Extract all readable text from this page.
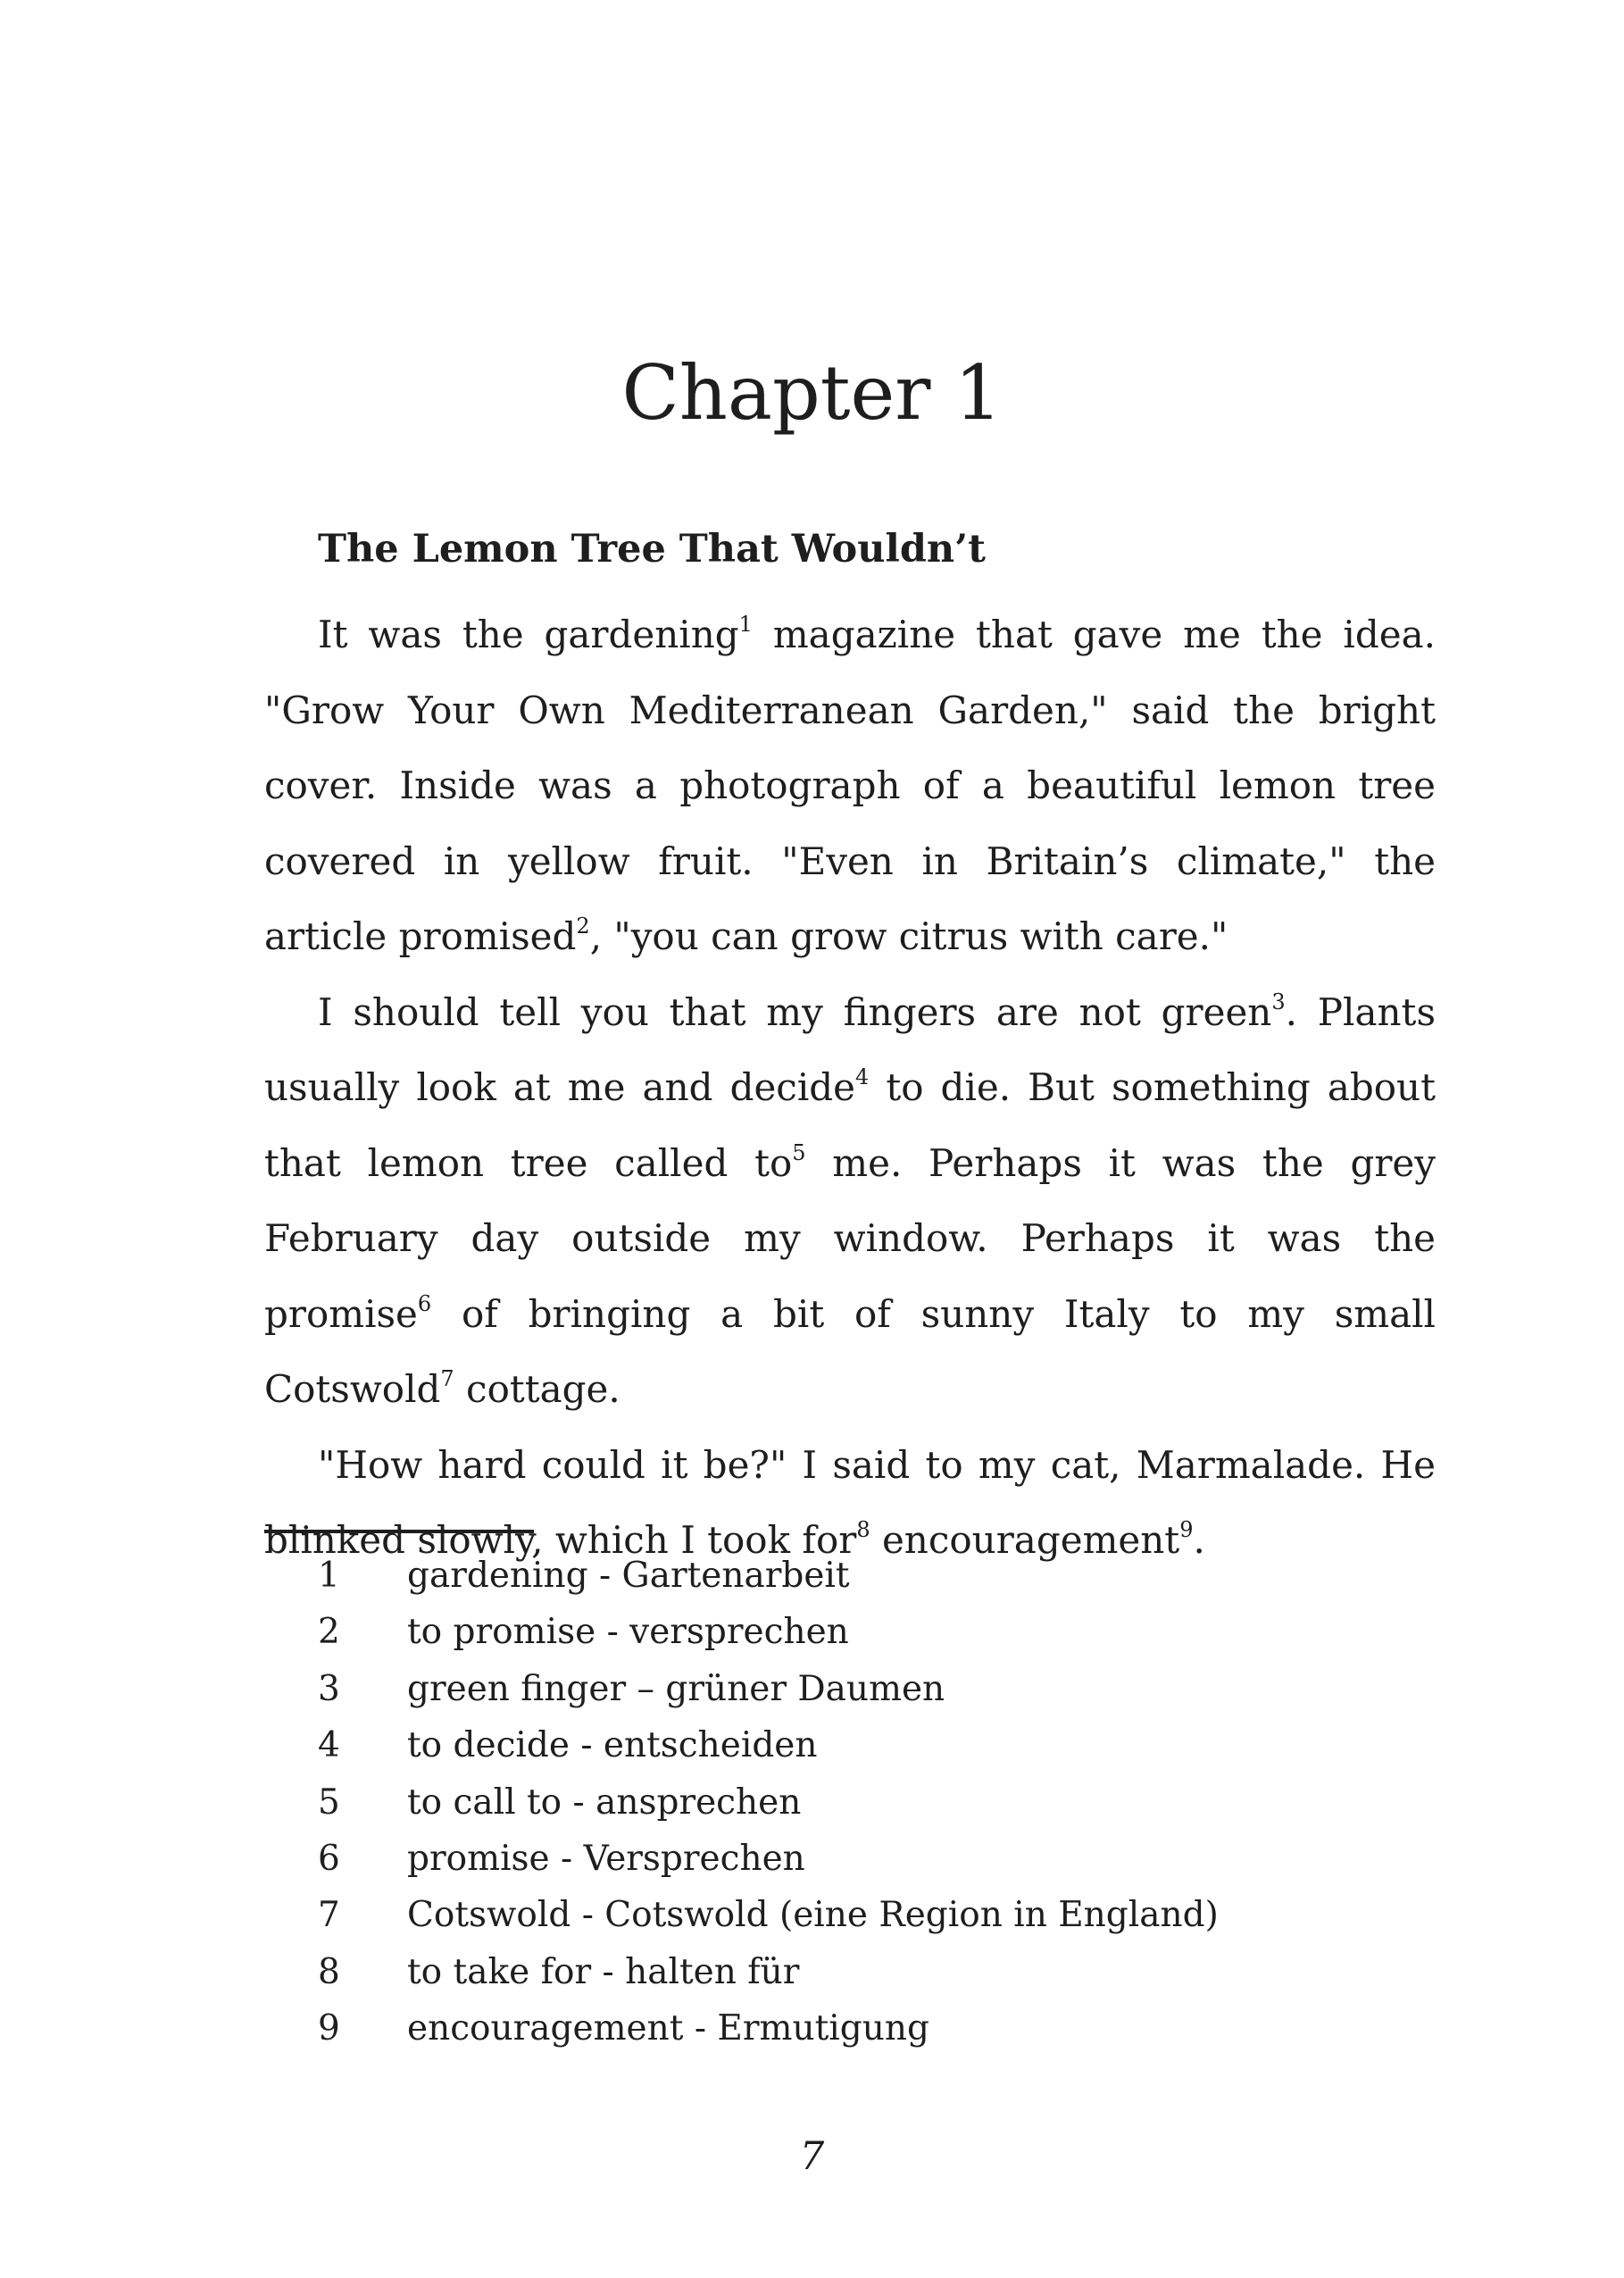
Chapter 1

The Lemon Tree That Wouldn’t

It was the gardening$^1$ magazine that gave me the idea. "Grow Your Own Mediterranean Garden," said the bright cover. Inside was a photograph of a beautiful lemon tree covered in yellow fruit. "Even in Britain’s climate," the article promised$^2$, "you can grow citrus with care."

I should tell you that my fingers are not green$^3$. Plants usually look at me and decide$^4$ to die. But something about that lemon tree called $to^5$ me. Perhaps it was the grey February day outside my window. Perhaps it was the promise$^6$ of bringing a bit of sunny Italy to my small Cotswold$^7$ cottage.

"How hard could it be?" I said to my cat, Marmalade. He blinked slowly, which I took for$^8$ encouragement$^9$.

1	gardening - Gartenarbeit
2	to promise - versprechen
3	green finger – grüner Daumen
4	to decide - entscheiden
5	to call to - ansprechen
6	promise - Versprechen
7	Cotswold - Cotswold (eine Region in England)
8	to take for - halten für
9	encouragement - Ermutigung
7
